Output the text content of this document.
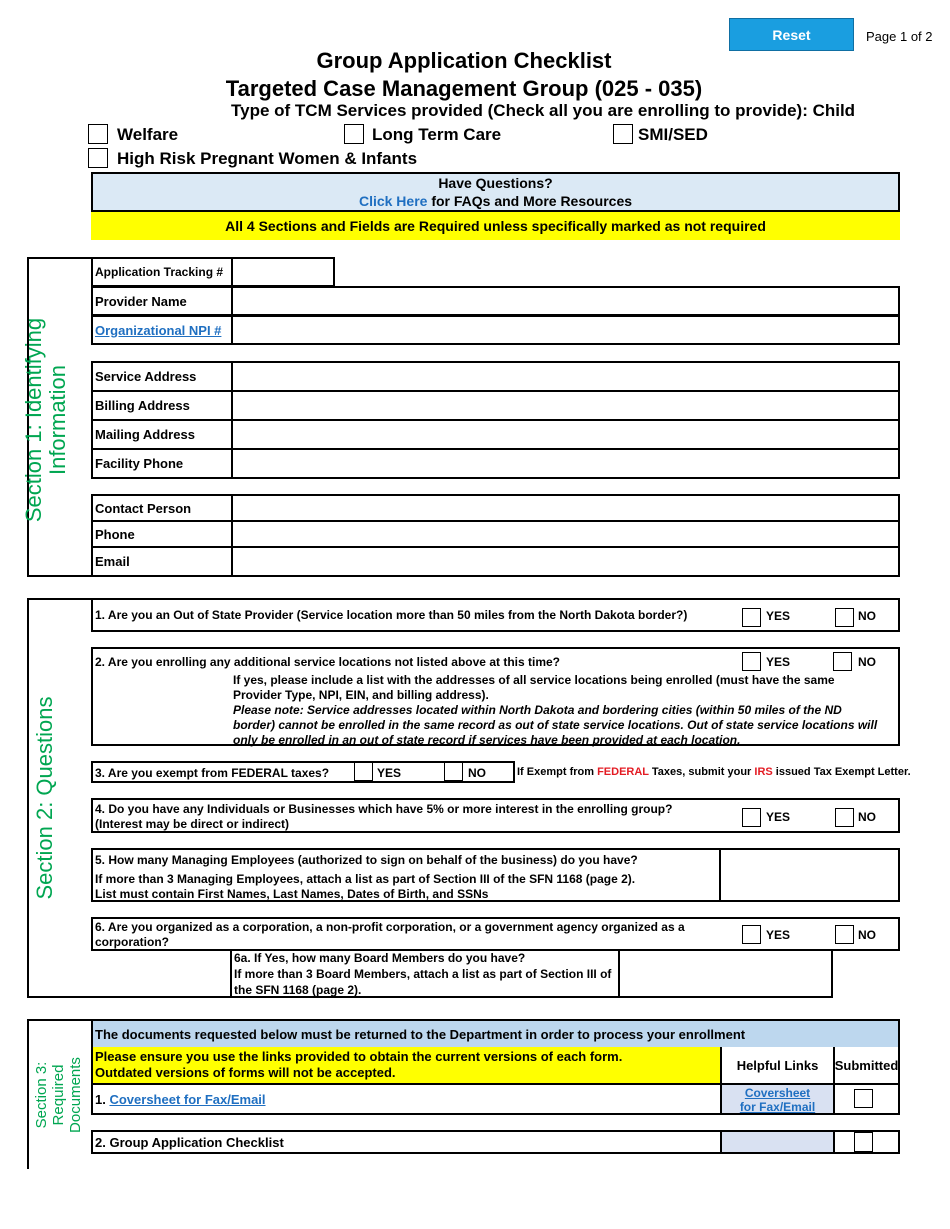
Reset	Page 1 of 2
Group Application Checklist
Targeted Case Management Group (025 - 035)
Type of TCM Services provided (Check all you are enrolling to provide): Child
Welfare	Long Term Care	SMI/SED
High Risk Pregnant Women & Infants
Have Questions?
Click Here for FAQs and More Resources
All 4 Sections and Fields are Required unless specifically marked as not required
Section 1: Identifying Information
Application Tracking #
Provider Name
Organizational NPI #
Service Address
Billing Address
Mailing Address
Facility Phone
Contact Person
Phone
Email
Section 2: Questions
1. Are you an Out of State Provider (Service location more than 50 miles from the North Dakota border?)	YES	NO
2. Are you enrolling any additional service locations not listed above at this time?	YES	NO
If yes, please include a list with the addresses of all service locations being enrolled (must have the same Provider Type, NPI, EIN, and billing address).
Please note: Service addresses located within North Dakota and bordering cities (within 50 miles of the ND border) cannot be enrolled in the same record as out of state service locations. Out of state service locations will only be enrolled in an out of state record if services have been provided at each location.
3. Are you exempt from FEDERAL taxes?	YES	NO	If Exempt from FEDERAL Taxes, submit your IRS issued Tax Exempt Letter.
4. Do you have any Individuals or Businesses which have 5% or more interest in the enrolling group?
(Interest may be direct or indirect)	YES	NO
5. How many Managing Employees (authorized to sign on behalf of the business) do you have?
If more than 3 Managing Employees, attach a list as part of Section III of the SFN 1168 (page 2).
List must contain First Names, Last Names, Dates of Birth, and SSNs
6. Are you organized as a corporation, a non-profit corporation, or a government agency organized as a corporation?	YES	NO
6a. If Yes, how many Board Members do you have?
If more than 3 Board Members, attach a list as part of Section III of the SFN 1168 (page 2).
Section 3: Required Documents
The documents requested below must be returned to the Department in order to process your enrollment
Please ensure you use the links provided to obtain the current versions of each form.
Outdated versions of forms will not be accepted.	Helpful Links	Submitted
1. Coversheet for Fax/Email	Coversheet for Fax/Email
2. Group Application Checklist
